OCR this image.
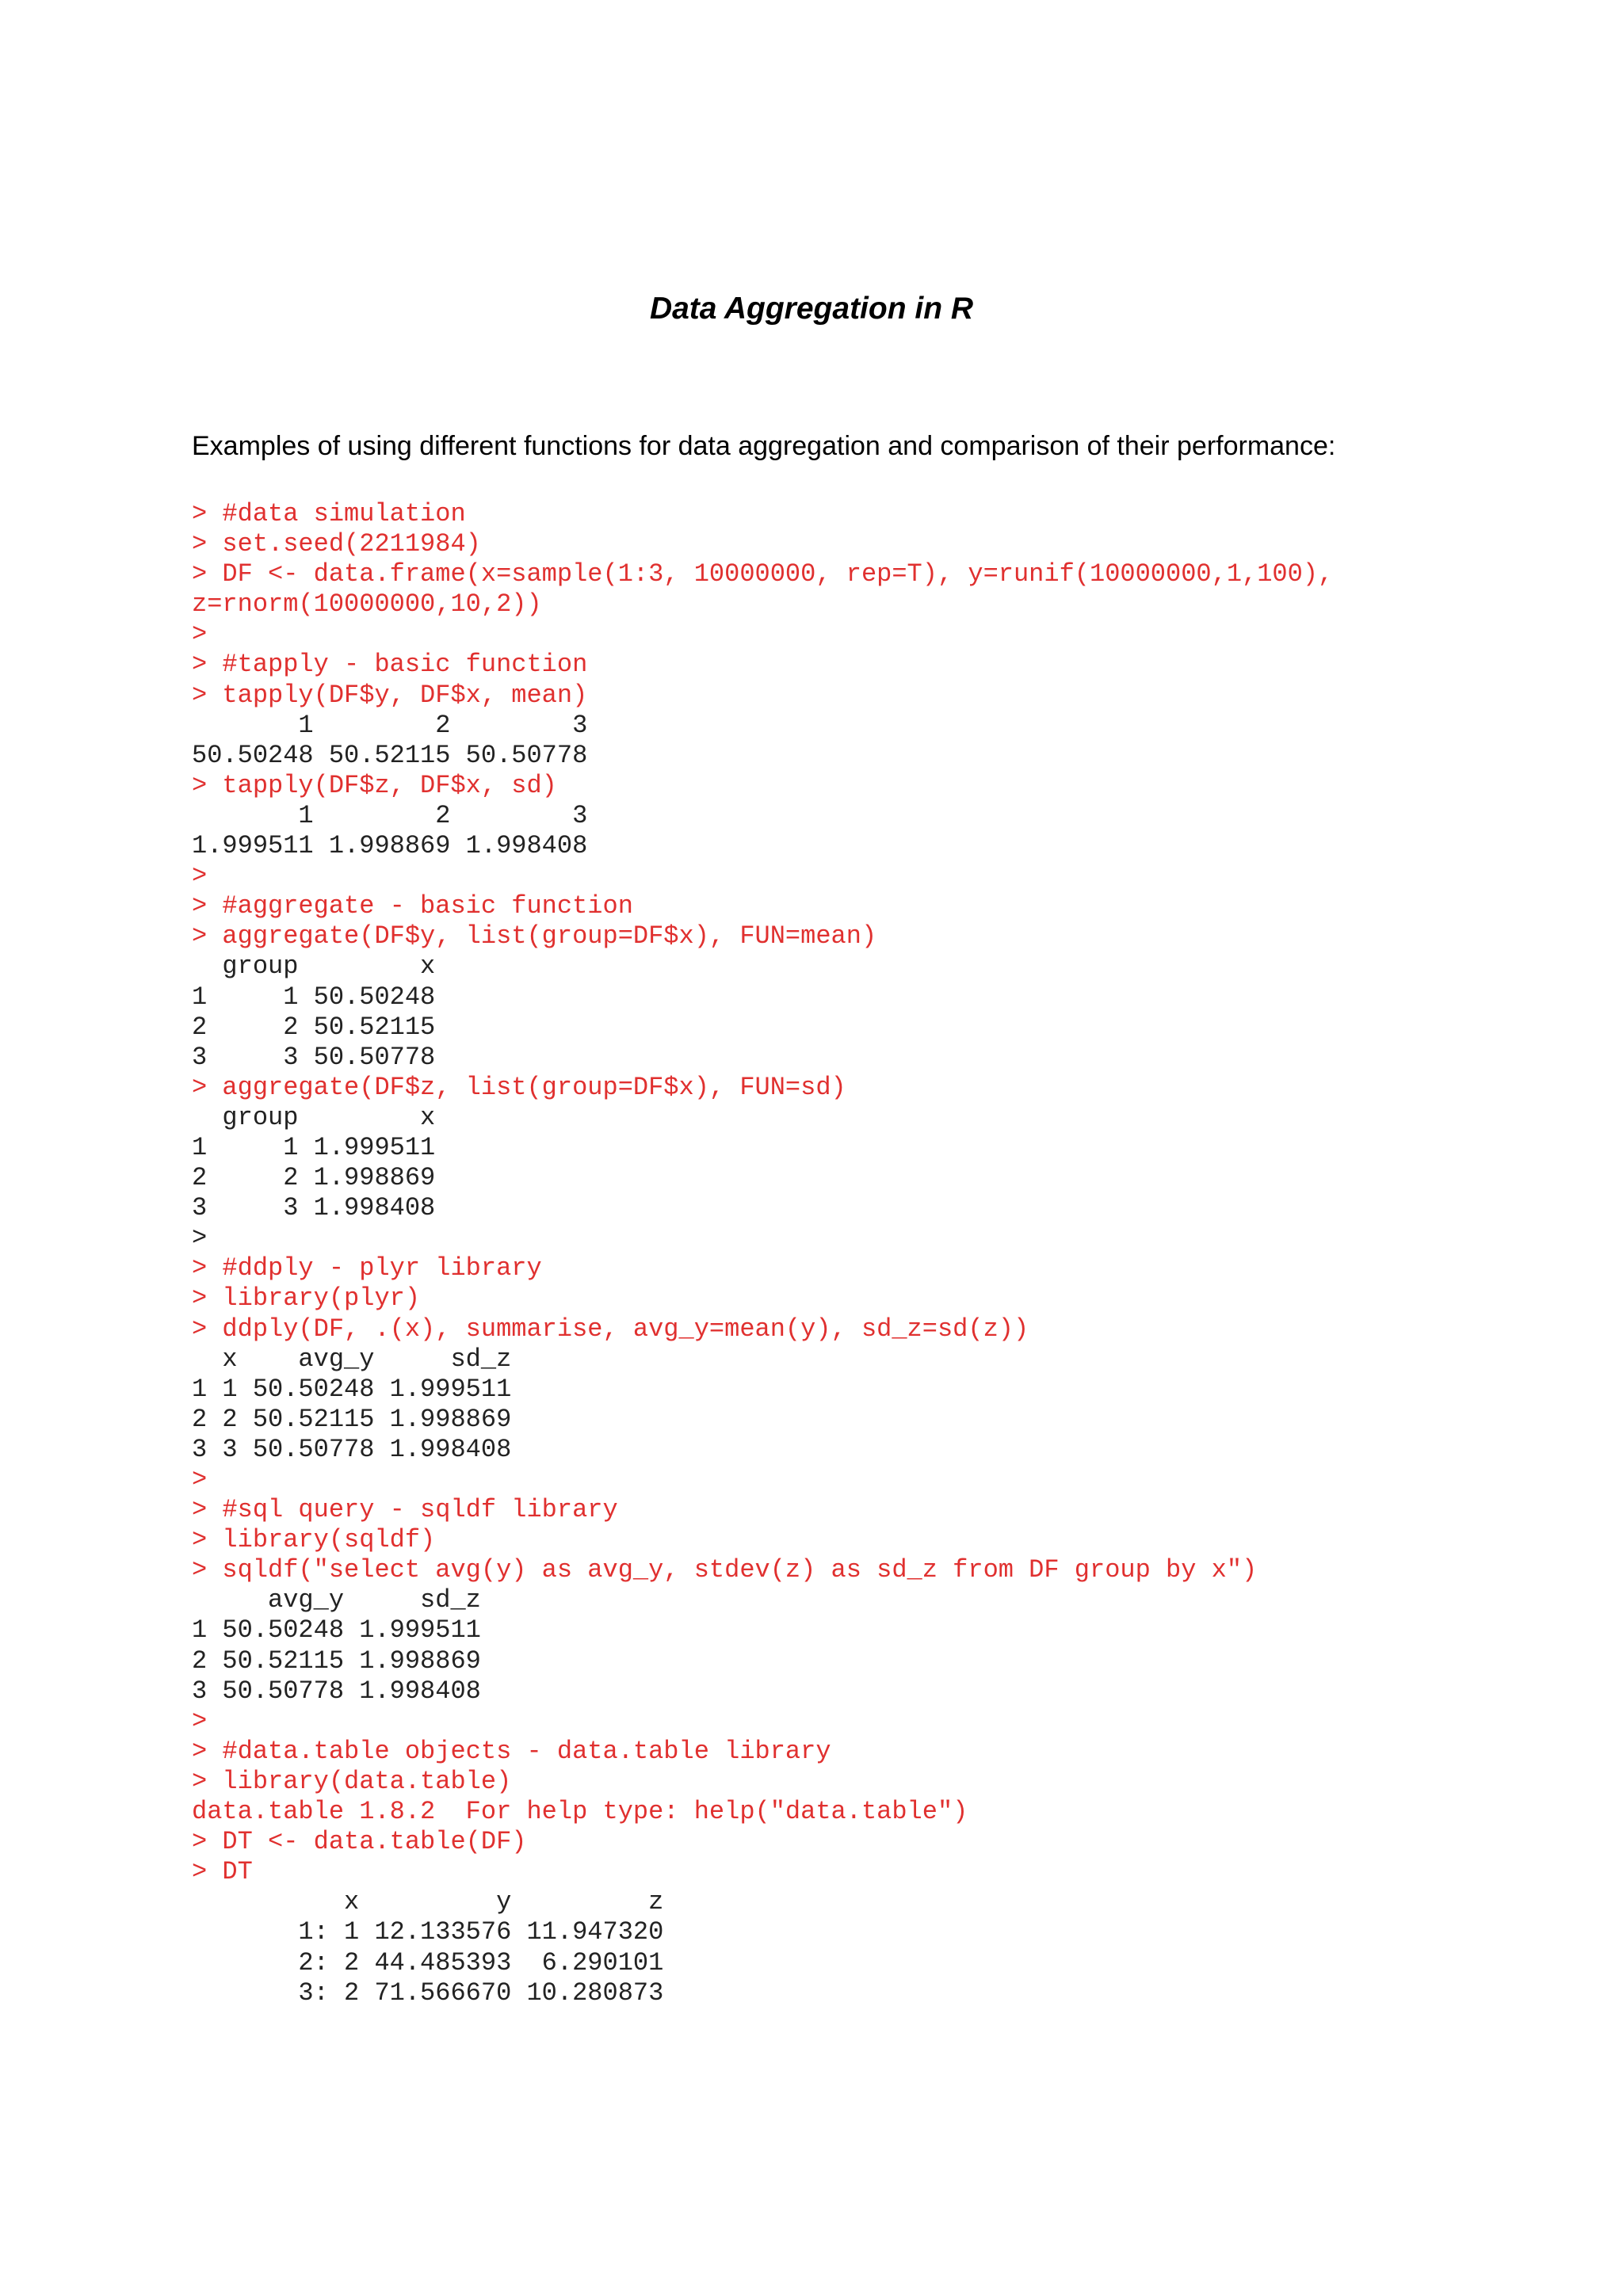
Data Aggregation in R

Examples of using different functions for data aggregation and comparison of their performance:

> #data simulation
> set.seed(2211984)
> DF <- data.frame(x=sample(1:3, 10000000, rep=T), y=runif(10000000,1,100),
z=rnorm(10000000,10,2))
>
> #tapply - basic function
> tapply(DF$y, DF$x, mean)
1        2        3
50.50248 50.52115 50.50778
> tapply(DF$z, DF$x, sd)
1        2        3
1.999511 1.998869 1.998408
>
> #aggregate - basic function
> aggregate(DF$y, list(group=DF$x), FUN=mean)
group        x
1     1 50.50248
2     2 50.52115
3     3 50.50778
> aggregate(DF$z, list(group=DF$x), FUN=sd)
group        x
1     1 1.999511
2     2 1.998869
3     3 1.998408
>
> #ddply - plyr library
> library(plyr)
> ddply(DF, .(x), summarise, avg_y=mean(y), sd_z=sd(z))
x    avg_y     sd_z
1 1 50.50248 1.999511
2 2 50.52115 1.998869
3 3 50.50778 1.998408
>
> #sql query - sqldf library
> library(sqldf)
> sqldf("select avg(y) as avg_y, stdev(z) as sd_z from DF group by x")
avg_y     sd_z
1 50.50248 1.999511
2 50.52115 1.998869
3 50.50778 1.998408
>
> #data.table objects - data.table library
> library(data.table)
data.table 1.8.2  For help type: help("data.table")
> DT <- data.table(DF)
> DT
x         y         z
1: 1 12.133576 11.947320
2: 2 44.485393  6.290101
3: 2 71.566670 10.280873
